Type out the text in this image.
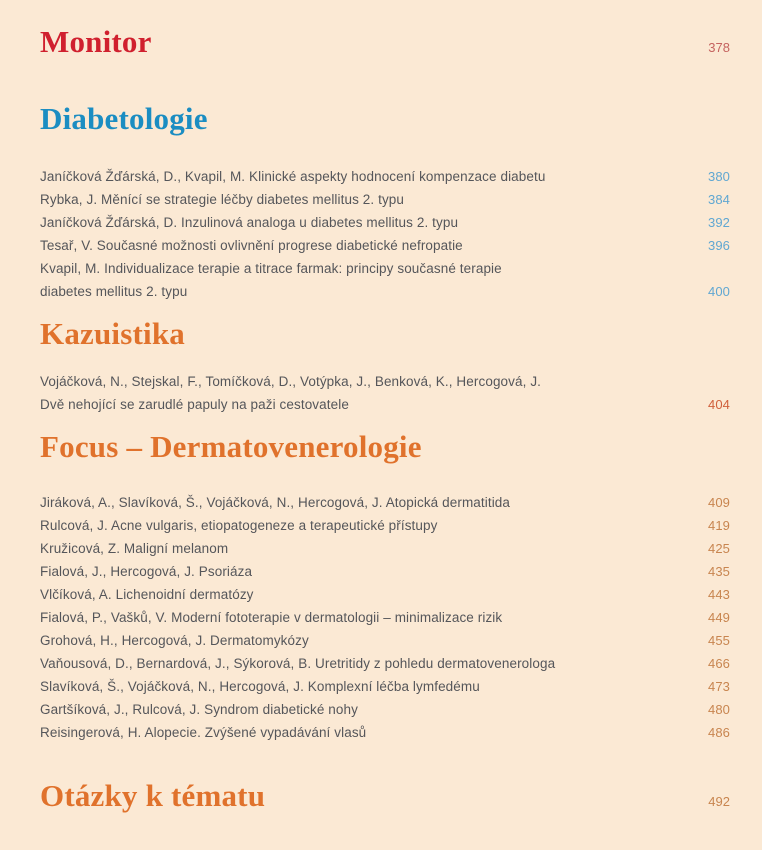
Monitor	378
Diabetologie
Janíčková Žďárská, D., Kvapil, M. Klinické aspekty hodnocení kompenzace diabetu	380
Rybka, J. Měnící se strategie léčby diabetes mellitus 2. typu	384
Janíčková Žďárská, D. Inzulinová analoga u diabetes mellitus 2. typu	392
Tesař, V. Současné možnosti ovlivnění progrese diabetické nefropatie	396
Kvapil, M. Individualizace terapie a titrace farmak: principy současné terapie
diabetes mellitus 2. typu	400
Kazuistika
Vojáčková, N., Stejskal, F., Tomíčková, D., Votýpka, J., Benková, K., Hercogová, J.
Dvě nehojící se zarudlé papuly na paži cestovatele	404
Focus – Dermatovenerologie
Jiráková, A., Slavíková, Š., Vojáčková, N., Hercogová, J. Atopická dermatitida	409
Rulcová, J. Acne vulgaris, etiopatogeneze a terapeutické přístupy	419
Kružicová, Z. Maligní melanom	425
Fialová, J., Hercogová, J. Psoriáza	435
Vlčíková, A. Lichenoidní dermatózy	443
Fialová, P., Vašků, V. Moderní fototerapie v dermatologii – minimalizace rizik	449
Grohová, H., Hercogová, J. Dermatomykózy	455
Vaňousová, D., Bernardová, J., Sýkorová, B. Uretritidy z pohledu dermatovenerologa	466
Slavíková, Š., Vojáčková, N., Hercogová, J. Komplexní léčba lymfedému	473
Gartšíková, J., Rulcová, J. Syndrom diabetické nohy	480
Reisingerová, H. Alopecie. Zvýšené vypadávání vlasů	486
Otázky k tématu	492
